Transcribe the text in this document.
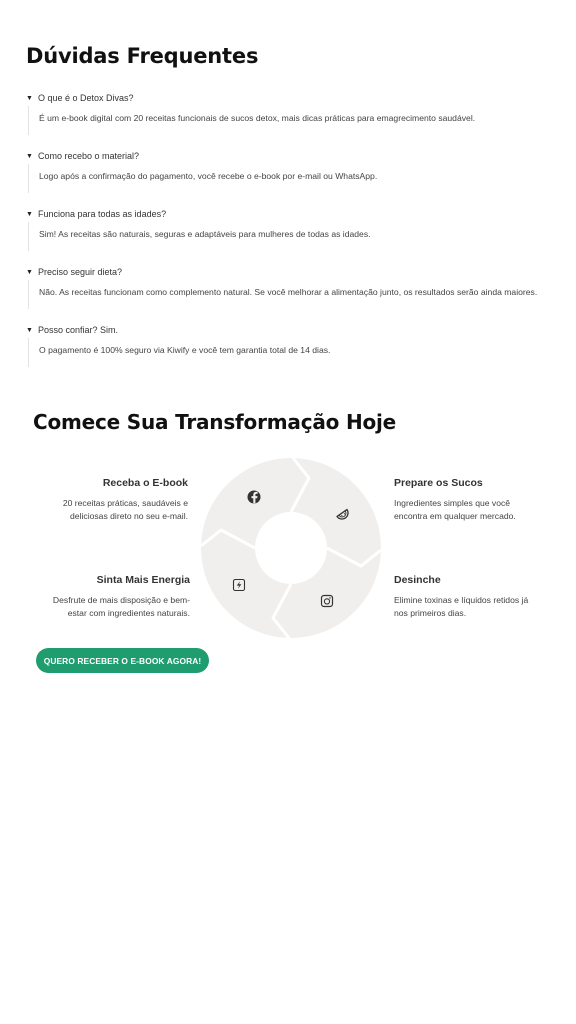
Dúvidas Frequentes
▼ O que é o Detox Divas?
É um e-book digital com 20 receitas funcionais de sucos detox, mais dicas práticas para emagrecimento saudável.
▼ Como recebo o material?
Logo após a confirmação do pagamento, você recebe o e-book por e-mail ou WhatsApp.
▼ Funciona para todas as idades?
Sim! As receitas são naturais, seguras e adaptáveis para mulheres de todas as idades.
▼ Preciso seguir dieta?
Não. As receitas funcionam como complemento natural. Se você melhorar a alimentação junto, os resultados serão ainda maiores.
▼ Posso confiar? Sim.
O pagamento é 100% seguro via Kiwify e você tem garantia total de 14 dias.
Comece Sua Transformação Hoje
Receba o E-book

20 receitas práticas, saudáveis e deliciosas direto no seu e-mail.

Prepare os Sucos

Ingredientes simples que você encontra em qualquer mercado.

Sinta Mais Energia

Desfrute de mais disposição e bem-estar com ingredientes naturais.

Desinche

Elimine toxinas e líquidos retidos já nos primeiros dias.

QUERO RECEBER O E-BOOK AGORA!
